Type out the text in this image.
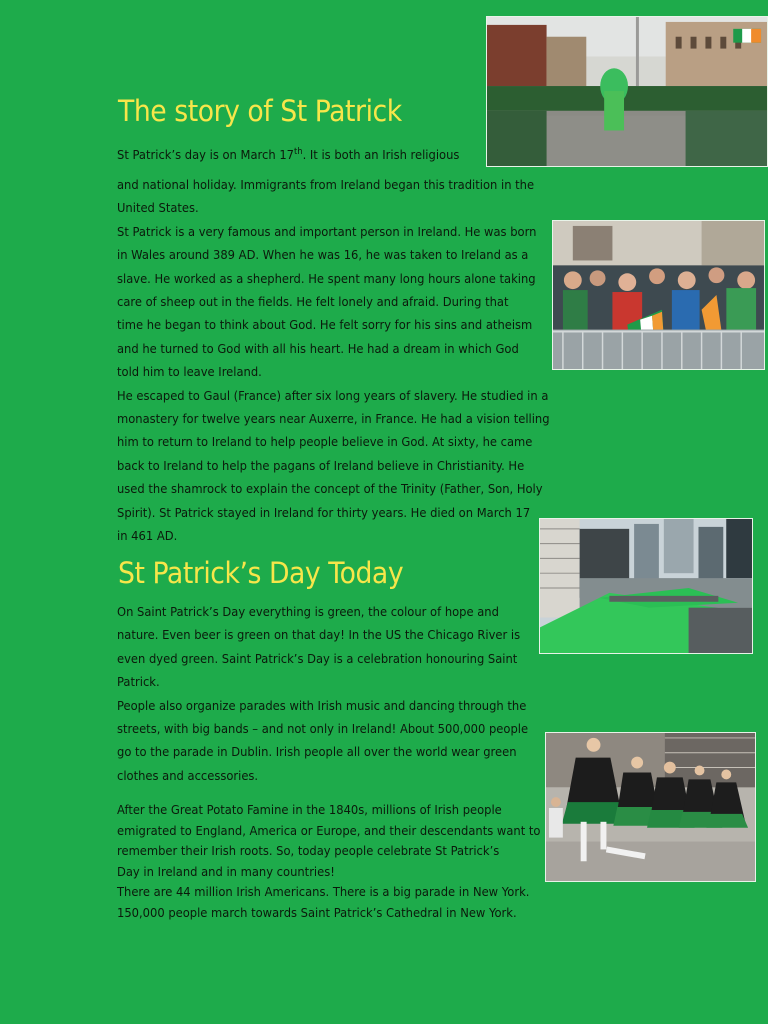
The story of St Patrick

St Patrick’s day is on March 17th. It is both an Irish religious

and national holiday. Immigrants from Ireland began this tradition in the
United States.
St Patrick is a very famous and important person in Ireland. He was born
in Wales around 389 AD. When he was 16, he was taken to Ireland as a
slave. He worked as a shepherd. He spent many long hours alone taking
care of sheep out in the fields. He felt lonely and afraid. During that
time he began to think about God. He felt sorry for his sins and atheism
and he turned to God with all his heart. He had a dream in which God
told him to leave Ireland.
He escaped to Gaul (France) after six long years of slavery. He studied in a
monastery for twelve years near Auxerre, in France. He had a vision telling
him to return to Ireland to help people believe in God. At sixty, he came
back to Ireland to help the pagans of Ireland believe in Christianity. He
used the shamrock to explain the concept of the Trinity (Father, Son, Holy
Spirit). St Patrick stayed in Ireland for thirty years. He died on March 17
in 461 AD.

St Patrick’s Day Today

On Saint Patrick’s Day everything is green, the colour of hope and
nature. Even beer is green on that day! In the US the Chicago River is
even dyed green. Saint Patrick’s Day is a celebration honouring Saint
Patrick.
People also organize parades with Irish music and dancing through the
streets, with big bands – and not only in Ireland! About 500,000 people
go to the parade in Dublin. Irish people all over the world wear green
clothes and accessories.

After the Great Potato Famine in the 1840s, millions of Irish people
emigrated to England, America or Europe, and their descendants want to
remember their Irish roots. So, today people celebrate St Patrick’s
Day in Ireland and in many countries!
There are 44 million Irish Americans. There is a big parade in New York.
150,000 people march towards Saint Patrick’s Cathedral in New York.
